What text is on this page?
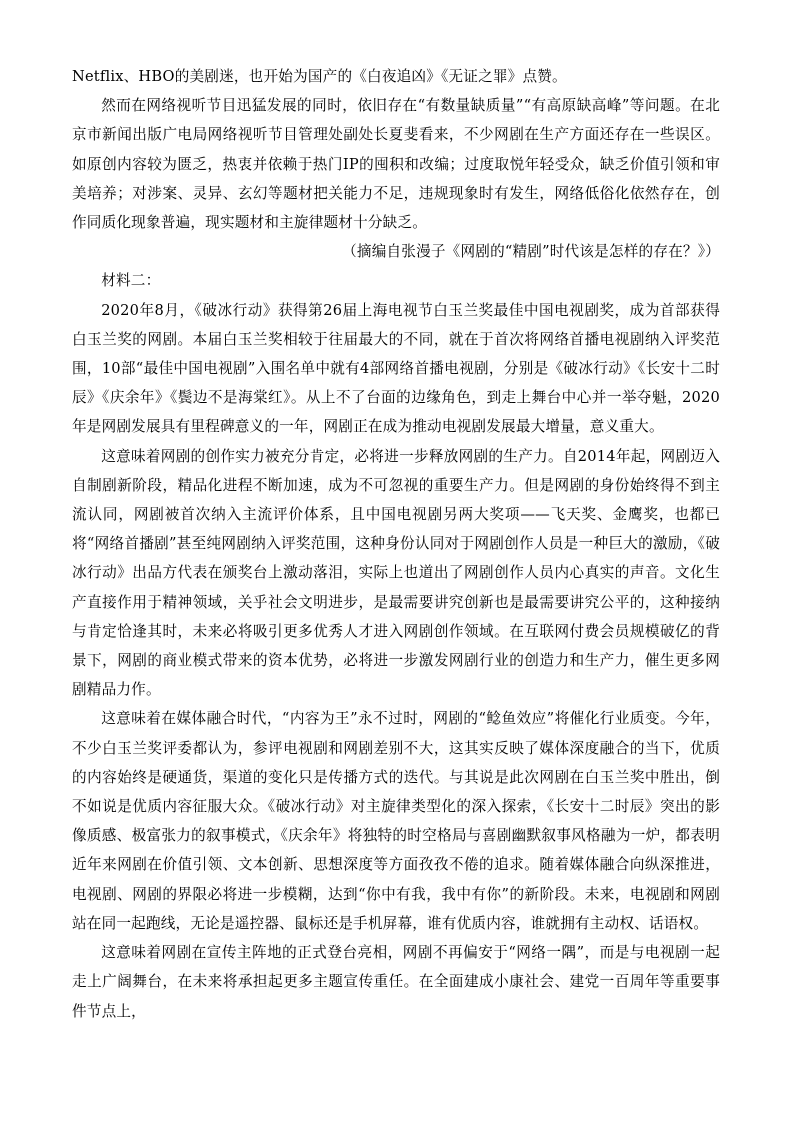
Netflix、HBO的美剧迷，也开始为国产的《白夜追凶》《无证之罪》点赞。

然而在网络视听节目迅猛发展的同时，依旧存在“有数量缺质量”“有高原缺高峰”等问题。在北京市新闻出版广电局网络视听节目管理处副处长夏斐看来，不少网剧在生产方面还存在一些误区。如原创内容较为匮乏，热衷并依赖于热门IP的囤积和改编；过度取悦年轻受众，缺乏价值引领和审美培养；对涉案、灵异、玄幻等题材把关能力不足，违规现象时有发生，网络低俗化依然存在，创作同质化现象普遍，现实题材和主旋律题材十分缺乏。

（摘编自张漫子《网剧的“精剧”时代该是怎样的存在？》）

材料二：

2020年8月，《破冰行动》获得第26届上海电视节白玉兰奖最佳中国电视剧奖，成为首部获得白玉兰奖的网剧。本届白玉兰奖相较于往届最大的不同，就在于首次将网络首播电视剧纳入评奖范围，10部“最佳中国电视剧”入围名单中就有4部网络首播电视剧，分别是《破冰行动》《长安十二时辰》《庆余年》《鬓边不是海棠红》。从上不了台面的边缘角色，到走上舞台中心并一举夺魁，2020年是网剧发展具有里程碑意义的一年，网剧正在成为推动电视剧发展最大增量，意义重大。

这意味着网剧的创作实力被充分肯定，必将进一步释放网剧的生产力。自2014年起，网剧迈入自制剧新阶段，精品化进程不断加速，成为不可忽视的重要生产力。但是网剧的身份始终得不到主流认同，网剧被首次纳入主流评价体系，且中国电视剧另两大奖项——飞天奖、金鹰奖，也都已将“网络首播剧”甚至纯网剧纳入评奖范围，这种身份认同对于网剧创作人员是一种巨大的激励，《破冰行动》出品方代表在颁奖台上激动落泪，实际上也道出了网剧创作人员内心真实的声音。文化生产直接作用于精神领域，关乎社会文明进步，是最需要讲究创新也是最需要讲究公平的，这种接纳与肯定恰逢其时，未来必将吸引更多优秀人才进入网剧创作领域。在互联网付费会员规模破亿的背景下，网剧的商业模式带来的资本优势，必将进一步激发网剧行业的创造力和生产力，催生更多网剧精品力作。

这意味着在媒体融合时代，“内容为王”永不过时，网剧的“鲶鱼效应”将催化行业质变。今年，不少白玉兰奖评委都认为，参评电视剧和网剧差别不大，这其实反映了媒体深度融合的当下，优质的内容始终是硬通货，渠道的变化只是传播方式的迭代。与其说是此次网剧在白玉兰奖中胜出，倒不如说是优质内容征服大众。《破冰行动》对主旋律类型化的深入探索，《长安十二时辰》突出的影像质感、极富张力的叙事模式，《庆余年》将独特的时空格局与喜剧幽默叙事风格融为一炉，都表明近年来网剧在价值引领、文本创新、思想深度等方面孜孜不倦的追求。随着媒体融合向纵深推进，电视剧、网剧的界限必将进一步模糊，达到“你中有我，我中有你”的新阶段。未来，电视剧和网剧站在同一起跑线，无论是遥控器、鼠标还是手机屏幕，谁有优质内容，谁就拥有主动权、话语权。

这意味着网剧在宣传主阵地的正式登台亮相，网剧不再偏安于“网络一隅”，而是与电视剧一起走上广阔舞台，在未来将承担起更多主题宣传重任。在全面建成小康社会、建党一百周年等重要事件节点上，
